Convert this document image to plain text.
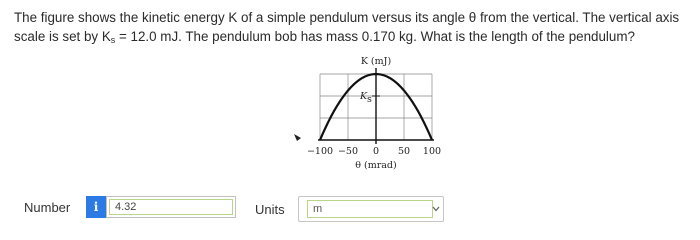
The figure shows the kinetic energy K of a simple pendulum versus its angle θ from the vertical. The vertical axis scale is set by $K_s = 12.0$ mJ. The pendulum bob has mass 0.170 kg. What is the length of the pendulum?
K (mJ)
θ (mrad)
K s
−100 −50 0 50 100
Number	i	4.32	Units	m
